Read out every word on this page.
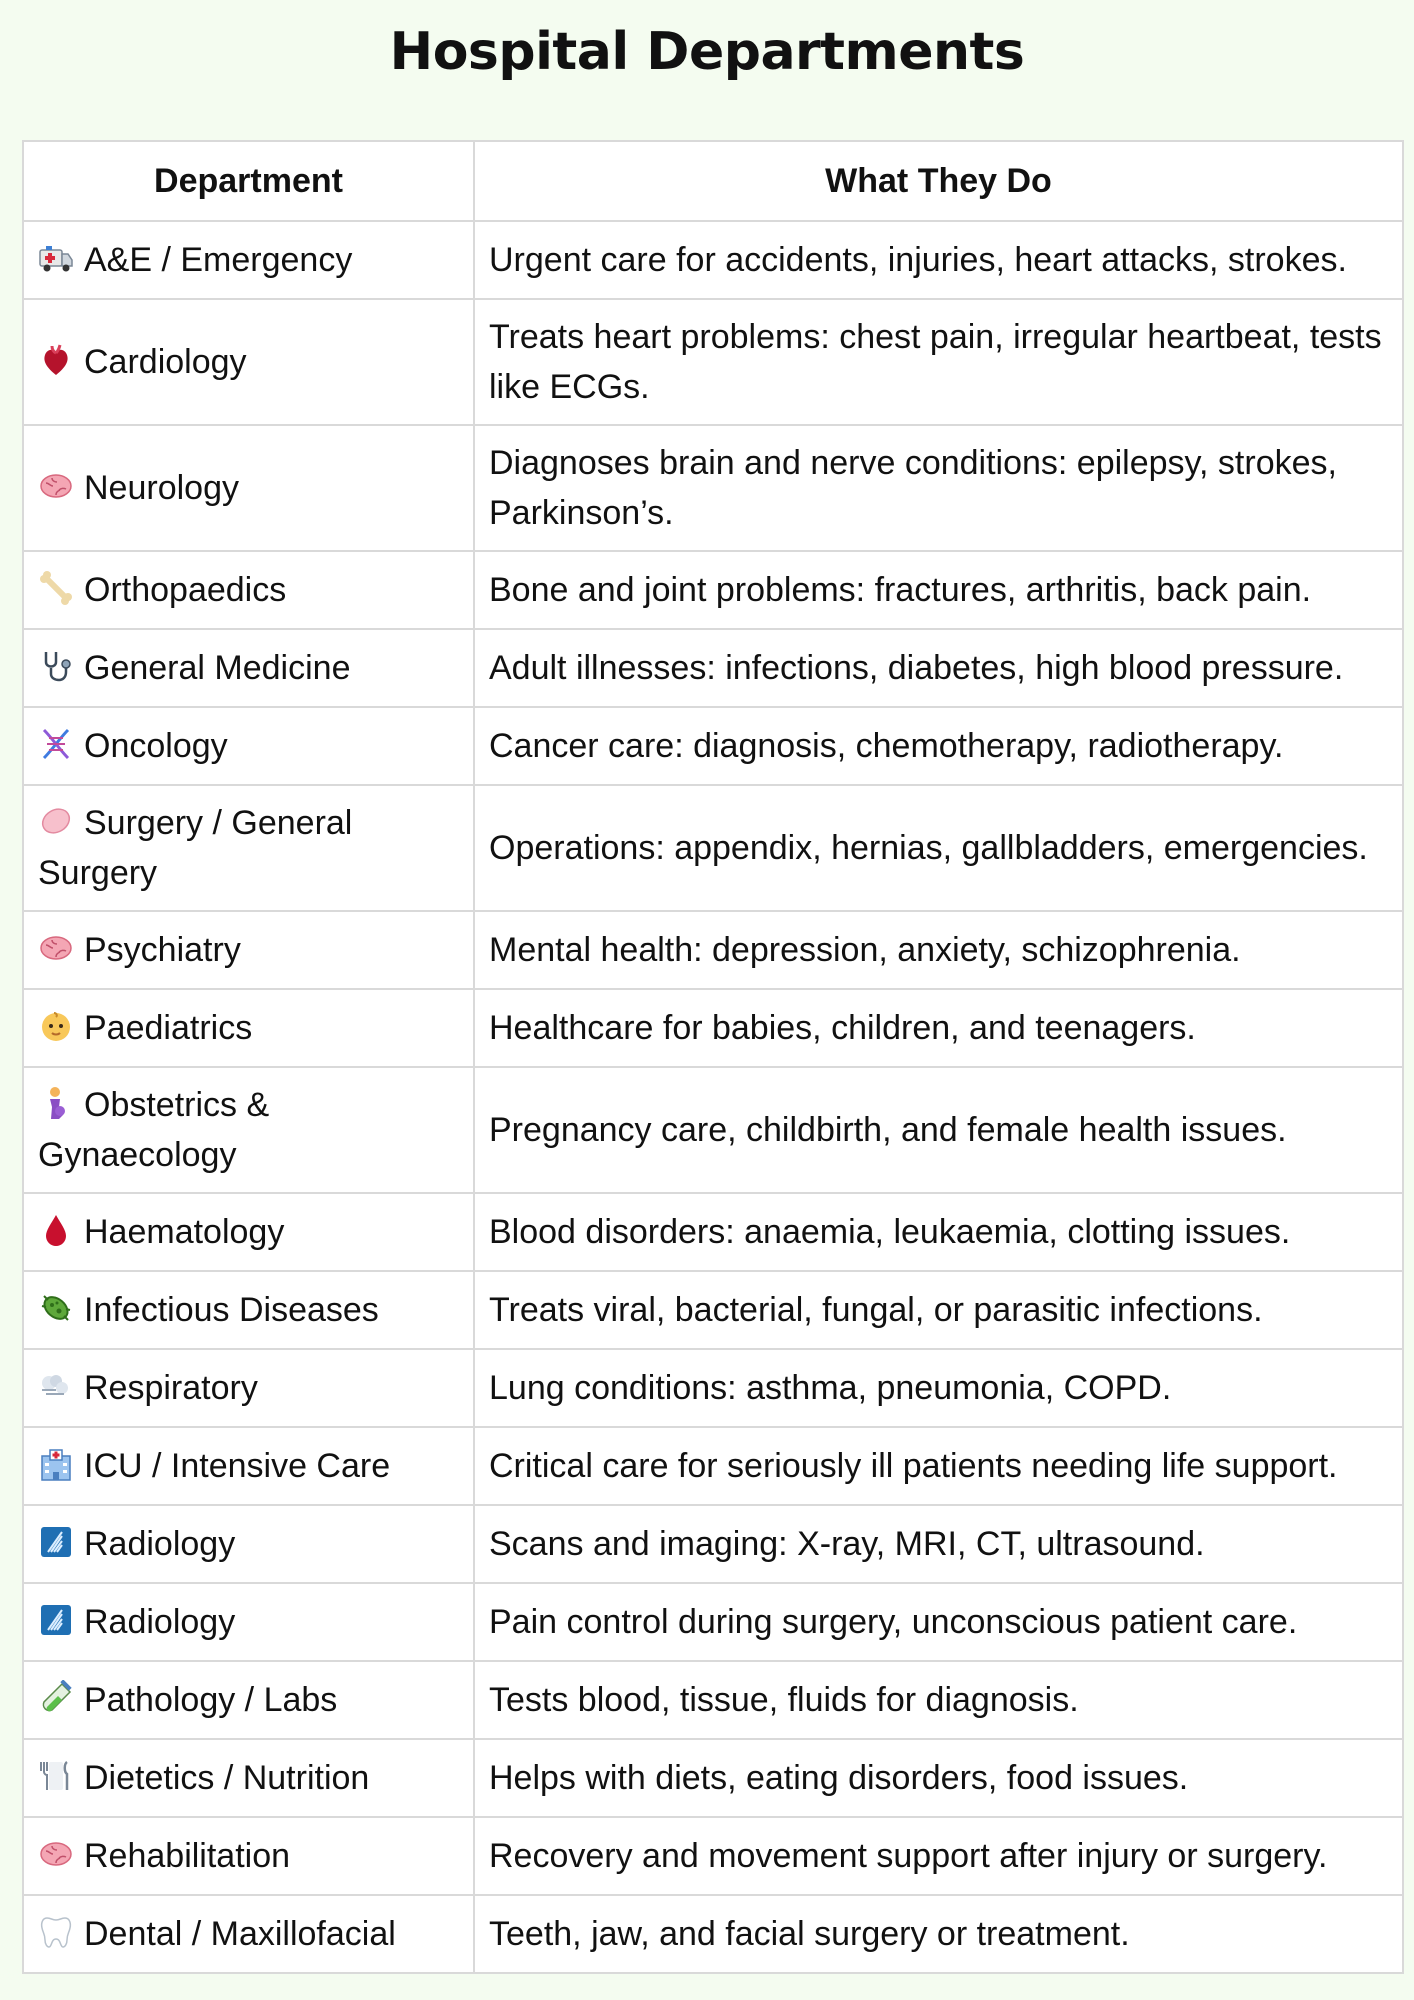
Hospital Departments
Department	What They Do

A&E / Emergency	Urgent care for accidents, injuries, heart attacks, strokes.

Cardiology	Treats heart problems: chest pain, irregular heartbeat, tests like ECGs.

Neurology	Diagnoses brain and nerve conditions: epilepsy, strokes, Parkinson’s.

Orthopaedics	Bone and joint problems: fractures, arthritis, back pain.

General Medicine	Adult illnesses: infections, diabetes, high blood pressure.

Oncology	Cancer care: diagnosis, chemotherapy, radiotherapy.

Surgery / General Surgery	Operations: appendix, hernias, gallbladders, emergencies.

Psychiatry	Mental health: depression, anxiety, schizophrenia.

Paediatrics	Healthcare for babies, children, and teenagers.

Obstetrics & Gynaecology	Pregnancy care, childbirth, and female health issues.

Haematology	Blood disorders: anaemia, leukaemia, clotting issues.

Infectious Diseases	Treats viral, bacterial, fungal, or parasitic infections.

Respiratory	Lung conditions: asthma, pneumonia, COPD.

ICU / Intensive Care	Critical care for seriously ill patients needing life support.

Radiology	Scans and imaging: X-ray, MRI, CT, ultrasound.

Radiology	Pain control during surgery, unconscious patient care.

Pathology / Labs	Tests blood, tissue, fluids for diagnosis.

Dietetics / Nutrition	Helps with diets, eating disorders, food issues.

Rehabilitation	Recovery and movement support after injury or surgery.

Dental / Maxillofacial	Teeth, jaw, and facial surgery or treatment.
